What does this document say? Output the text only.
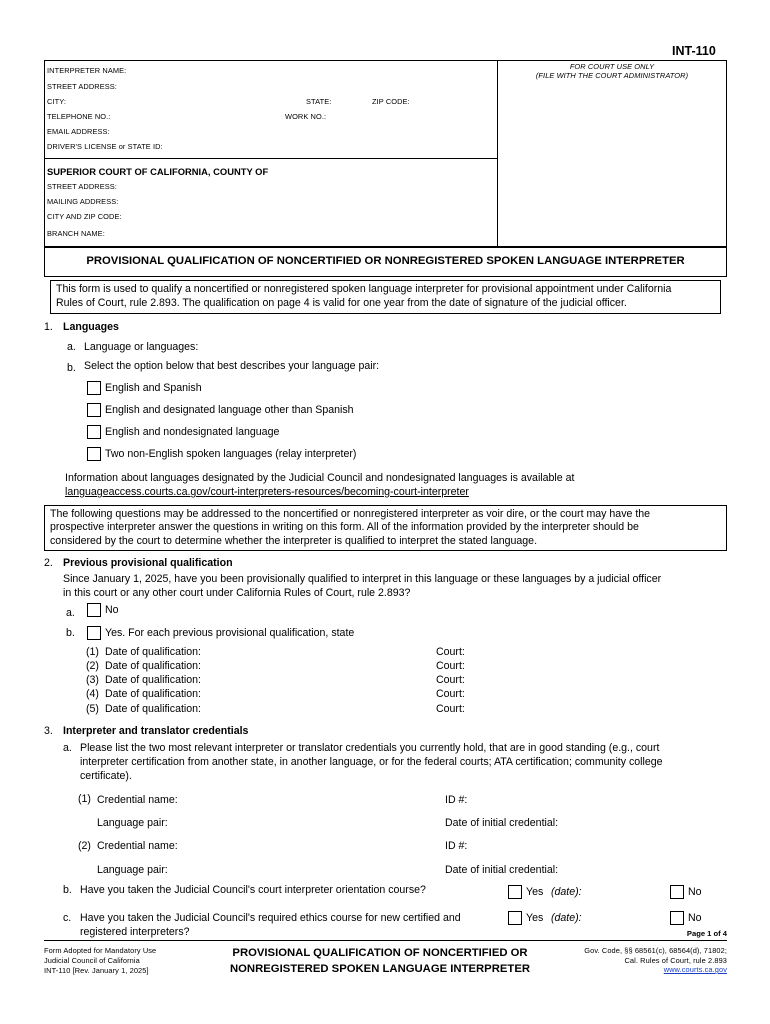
INT-110
INTERPRETER NAME:
STREET ADDRESS:
CITY:	STATE:	ZIP CODE:
TELEPHONE NO.:	WORK NO.:
EMAIL ADDRESS:
DRIVER'S LICENSE or STATE ID:
FOR COURT USE ONLY
(FILE WITH THE COURT ADMINISTRATOR)
SUPERIOR COURT OF CALIFORNIA, COUNTY OF
STREET ADDRESS:
MAILING ADDRESS:
CITY AND ZIP CODE:
BRANCH NAME:
PROVISIONAL QUALIFICATION OF NONCERTIFIED OR NONREGISTERED SPOKEN LANGUAGE INTERPRETER
This form is used to qualify a noncertified or nonregistered spoken language interpreter for provisional appointment under California
Rules of Court, rule 2.893. The qualification on page 4 is valid for one year from the date of signature of the judicial officer.
1. Languages
a. Language or languages:
b. Select the option below that best describes your language pair:
English and Spanish
English and designated language other than Spanish
English and nondesignated language
Two non-English spoken languages (relay interpreter)
Information about languages designated by the Judicial Council and nondesignated languages is available at
languageaccess.courts.ca.gov/court-interpreters-resources/becoming-court-interpreter
The following questions may be addressed to the noncertified or nonregistered interpreter as voir dire, or the court may have the
prospective interpreter answer the questions in writing on this form. All of the information provided by the interpreter should be
considered by the court to determine whether the interpreter is qualified to interpret the stated language.
2. Previous provisional qualification
Since January 1, 2025, have you been provisionally qualified to interpret in this language or these languages by a judicial officer
in this court or any other court under California Rules of Court, rule 2.893?
a.	No
b.	Yes. For each previous provisional qualification, state
(1) Date of qualification:	Court:
(2) Date of qualification:	Court:
(3) Date of qualification:	Court:
(4) Date of qualification:	Court:
(5) Date of qualification:	Court:
3. Interpreter and translator credentials
a. Please list the two most relevant interpreter or translator credentials you currently hold, that are in good standing (e.g., court
interpreter certification from another state, in another language, or for the federal courts; ATA certification; community college
certificate).
(1) Credential name:	ID #:
Language pair:	Date of initial credential:
(2) Credential name:	ID #:
Language pair:	Date of initial credential:
b. Have you taken the Judicial Council's court interpreter orientation course?	Yes (date):	No
c. Have you taken the Judicial Council's required ethics course for new certified and
registered interpreters?
Yes (date):	No
Page 1 of 4
Form Adopted for Mandatory Use
Judicial Council of California
INT-110 [Rev. January 1, 2025]
PROVISIONAL QUALIFICATION OF NONCERTIFIED OR
NONREGISTERED SPOKEN LANGUAGE INTERPRETER
Gov. Code, §§ 68561(c), 68564(d), 71802;
Cal. Rules of Court, rule 2.893
www.courts.ca.gov
